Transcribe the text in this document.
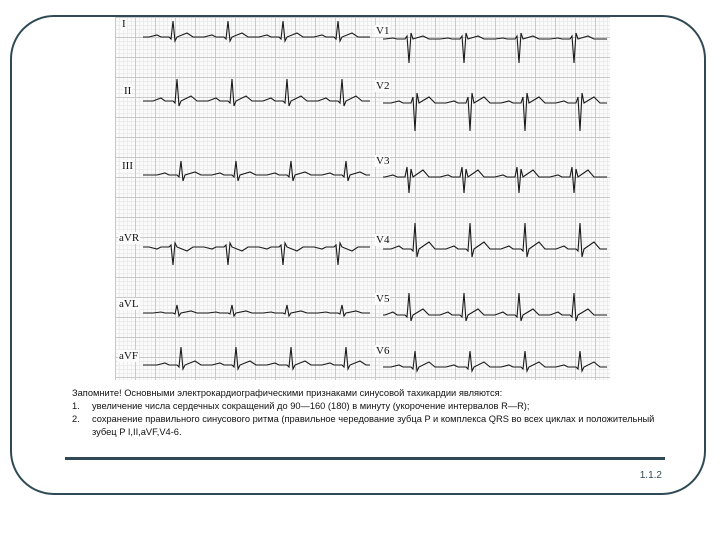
I
II
III
aVR
aVL
aVF
V1
V2
V3
V4
V5
V6

Запомните! Основными электрокардиографическими признаками синусовой тахикардии являются:

1.	увеличение числа сердечных сокращений до 90—160 (180) в минуту (укорочение интервалов R—R);
2.	сохранение правильного синусового ритма (правильное чередование зубца P и комплекса QRS во всех циклах и положительный зубец P I,II,aVF,V4-6.
1.1.2
